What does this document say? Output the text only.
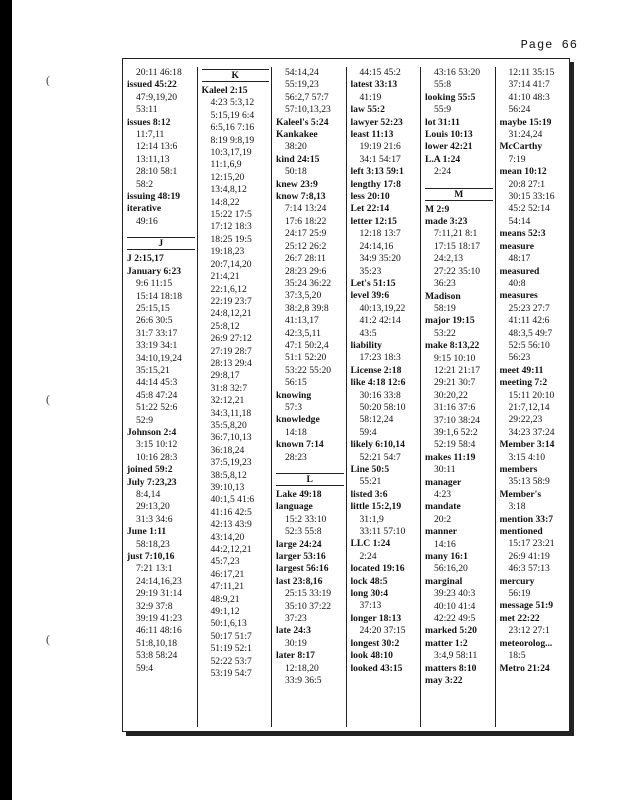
Page 66
(
(
(
20:11 46:18
issued 45:22
47:9,19,20
53:11
issues 8:12
11:7,11
12:14 13:6
13:11,13
28:10 58:1
58:2
issuing 48:19
iterative
49:16
J
J 2:15,17
January 6:23
9:6 11:15
15:14 18:18
25:15,15
26:6 30:5
31:7 33:17
33:19 34:1
34:10,19,24
35:15,21
44:14 45:3
45:8 47:24
51:22 52:6
52:9
Johnson 2:4
3:15 10:12
10:16 28:3
joined 59:2
July 7:23,23
8:4,14
29:13,20
31:3 34:6
June 1:11
58:18,23
just 7:10,16
7:21 13:1
24:14,16,23
29:19 31:14
32:9 37:8
39:19 41:23
46:11 48:16
51:8,10,18
53:8 58:24
59:4
K
Kaleel 2:15
4:23 5:3,12
5:15,19 6:4
6:5,16 7:16
8:19 9:8,19
10:3,17,19
11:1,6,9
12:15,20
13:4,8,12
14:8,22
15:22 17:5
17:12 18:3
18:25 19:5
19:18,23
20:7,14,20
21:4,21
22:1,6,12
22:19 23:7
24:8,12,21
25:8,12
26:9 27:12
27:19 28:7
28:13 29:4
29:8,17
31:8 32:7
32:12,21
34:3,11,18
35:5,8,20
36:7,10,13
36:18,24
37:5,19,23
38:5,8,12
39:10,13
40:1,5 41:6
41:16 42:5
42:13 43:9
43:14,20
44:2,12,21
45:7,23
46:17,21
47:11,21
48:9,21
49:1,12
50:1,6,13
50:17 51:7
51:19 52:1
52:22 53:7
53:19 54:7
54:14,24
55:19,23
56:2,7 57:7
57:10,13,23
Kaleel's 5:24
Kankakee
38:20
kind 24:15
50:18
knew 23:9
know 7:8,13
7:14 13:24
17:6 18:22
24:17 25:9
25:12 26:2
26:7 28:11
28:23 29:6
35:24 36:22
37:3,5,20
38:2,8 39:8
41:13,17
42:3,5,11
47:1 50:2,4
51:1 52:20
53:22 55:20
56:15
knowing
57:3
knowledge
14:18
known 7:14
28:23
L
Lake 49:18
language
15:2 33:10
52:3 55:8
large 24:24
larger 53:16
largest 56:16
last 23:8,16
25:15 33:19
35:10 37:22
37:23
late 24:3
30:19
later 8:17
12:18,20
33:9 36:5
44:15 45:2
latest 33:13
41:19
law 55:2
lawyer 52:23
least 11:13
19:19 21:6
34:1 54:17
left 3:13 59:1
lengthy 17:8
less 20:10
Let 22:14
letter 12:15
12:18 13:7
24:14,16
34:9 35:20
35:23
Let's 51:15
level 39:6
40:13,19,22
41:2 42:14
43:5
liability
17:23 18:3
License 2:18
like 4:18 12:6
30:16 33:8
50:20 58:10
58:12,24
59:4
likely 6:10,14
52:21 54:7
Line 50:5
55:21
listed 3:6
little 15:2,19
31:1,9
33:11 57:10
LLC 1:24
2:24
located 19:16
lock 48:5
long 30:4
37:13
longer 18:13
24:20 37:15
longest 30:2
look 48:10
looked 43:15
43:16 53:20
55:8
looking 55:5
55:9
lot 31:11
Louis 10:13
lower 42:21
L.A 1:24
2:24
M
M 2:9
made 3:23
7:11,21 8:1
17:15 18:17
24:2,13
27:22 35:10
36:23
Madison
58:19
major 19:15
53:22
make 8:13,22
9:15 10:10
12:21 21:17
29:21 30:7
30:20,22
31:16 37:6
37:10 38:24
39:1,6 52:2
52:19 58:4
makes 11:19
30:11
manager
4:23
mandate
20:2
manner
14:16
many 16:1
56:16,20
marginal
39:23 40:3
40:10 41:4
42:22 49:5
marked 5:20
matter 1:2
3:4,9 58:11
matters 8:10
may 3:22
12:11 35:15
37:14 41:7
41:10 48:3
56:24
maybe 15:19
31:24,24
McCarthy
7:19
mean 10:12
20:8 27:1
30:15 33:16
45:2 52:14
54:14
means 52:3
measure
48:17
measured
40:8
measures
25:23 27:7
41:11 42:6
48:3,5 49:7
52:5 56:10
56:23
meet 49:11
meeting 7:2
15:11 20:10
21:7,12,14
29:22,23
34:23 37:24
Member 3:14
3:15 4:10
members
35:13 58:9
Member's
3:18
mention 33:7
mentioned
15:17 23:21
26:9 41:19
46:3 57:13
mercury
56:19
message 51:9
met 22:22
23:12 27:1
meteorolog...
18:5
Metro 21:24
